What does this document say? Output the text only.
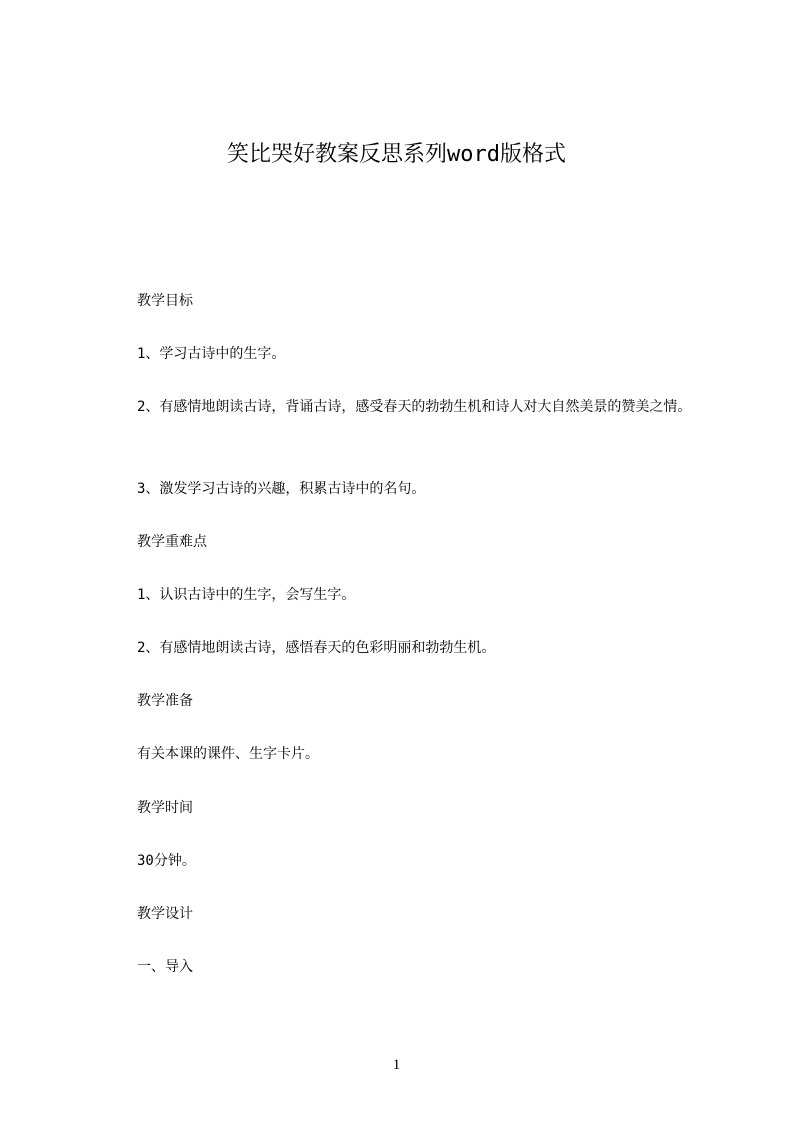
笑比哭好教案反思系列word版格式
教学目标
1、学习古诗中的生字。
2、有感情地朗读古诗，背诵古诗，感受春天的勃勃生机和诗人对大自然美景的赞美之情。
3、激发学习古诗的兴趣，积累古诗中的名句。
教学重难点
1、认识古诗中的生字，会写生字。
2、有感情地朗读古诗，感悟春天的色彩明丽和勃勃生机。
教学准备
有关本课的课件、生字卡片。
教学时间
30分钟。
教学设计
一、导入
1
